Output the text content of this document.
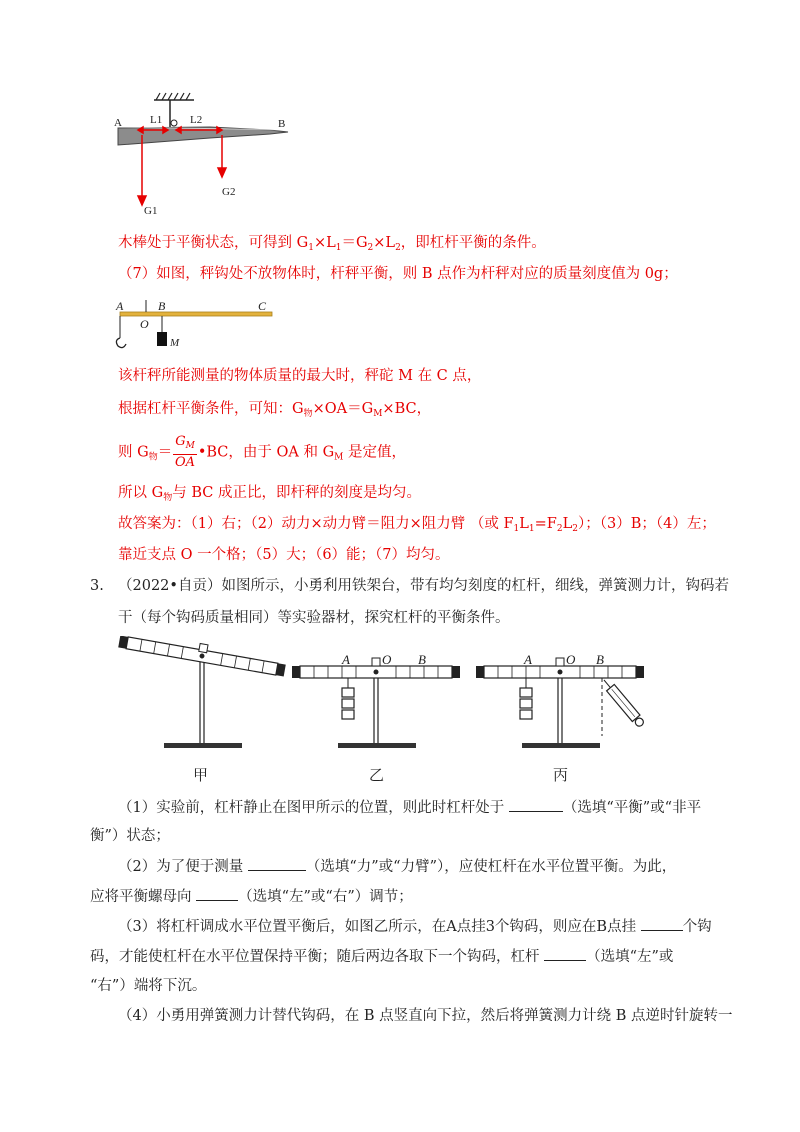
A	L1	L2	B
G1
G2
木棒处于平衡状态，可得到 $G_1\times L_1=G_2\times L_2$，即杠杆平衡的条件。
（7）如图，秤钩处不放物体时，杆秤平衡，则 B 点作为杆秤对应的质量刻度值为 0g；
A
O
B	C
M
该杆秤所能测量的物体质量的最大时，秤砣 M 在 C 点，
根据杠杆平衡条件，可知：$G_物\times OA=G_M\times BC$，
则 $G_物= \frac{G_M}{OA}$ •BC，由于 OA 和 $G_M$ 是定值，
所以 $G_物$与 BC 成正比，即杆秤的刻度是均匀。
故答案为：（1）右；（2）动力×动力臂＝阻力×阻力臂 （或 $F_1L_1=F_2L_2$）；（3）B；（4）左；
靠近支点 O 一个格；（5）大；（6）能；（7）均匀。
3. （2022•自贡）如图所示，小勇利用铁架台，带有均匀刻度的杠杆，细线，弹簧测力计，钩码若
干（每个钩码质量相同）等实验器材，探究杠杆的平衡条件。
A O B	A	O B
甲	乙	丙
（1）实验前，杠杆静止在图甲所示的位置，则此时杠杆处于	（选填“平衡”或“非平
衡”）状态；
（2）为了便于测量	（选填“力”或“力臂”），应使杠杆在水平位置平衡。为此，
应将平衡螺母向	（选填“左”或“右”）调节；
（3）将杠杆调成水平位置平衡后，如图乙所示，在A点挂3个钩码，则应在B点挂	个钩
码，才能使杠杆在水平位置保持平衡；随后两边各取下一个钩码，杠杆	（选填“左”或
“右”）端将下沉。
（4）小勇用弹簧测力计替代钩码，在 B 点竖直向下拉，然后将弹簧测力计绕 B 点逆时针旋转一
